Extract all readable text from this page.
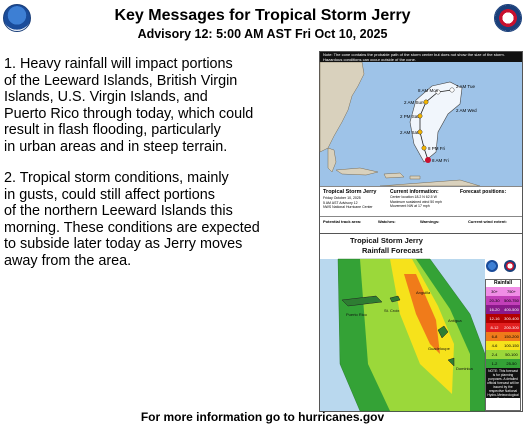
Key Messages for Tropical Storm Jerry
Advisory 12: 5:00 AM AST Fri Oct 10, 2025
1. Heavy rainfall will impact portions
of the Leeward Islands, British Virgin
Islands, U.S. Virgin Islands, and
Puerto Rico through today, which could
result in flash flooding, particularly
in urban areas and in steep terrain.
2. Tropical storm conditions, mainly
in gusts, could still affect portions
of the northern Leeward Islands this
morning. These conditions are expected
to subside later today as Jerry moves
away from the area.
8 AM Fri
8 PM Fri
2 AM Sat
2 PM Sat
2 AM Sun
8 AM Mon
2 AM Tue
2 AM Wed
Note: The cone contains the probable path of the storm center but does not show the size of the storm. Hazardous conditions can occur outside of the cone.
Tropical Storm Jerry
Friday October 10, 2025
5 AM AST Advisory 12
NWS National Hurricane Center
Current information:
Center location 18.2 N 62.5 W
Maximum sustained wind 50 mph
Movement NW at 17 mph
Forecast positions:
Potential track area:	Watches:	Warnings:	Current wind extent:
Puerto Rico
St. Croix
Anguilla
Antigua
Guadeloupe
Dominica
Tropical Storm Jerry
Rainfall Forecast
Rainfall
30+	750+
20-30	500-750
16-20	400-500
12-16	300-400
8-12	200-300
6-8	150-200
4-6	100-150
2-4	50-100
1-2	25-50
NOTE: This forecast is for planning purposes. A detailed official forecast will be issued by the respective National Hydro-Meteorological Service.
For more information go to hurricanes.gov
